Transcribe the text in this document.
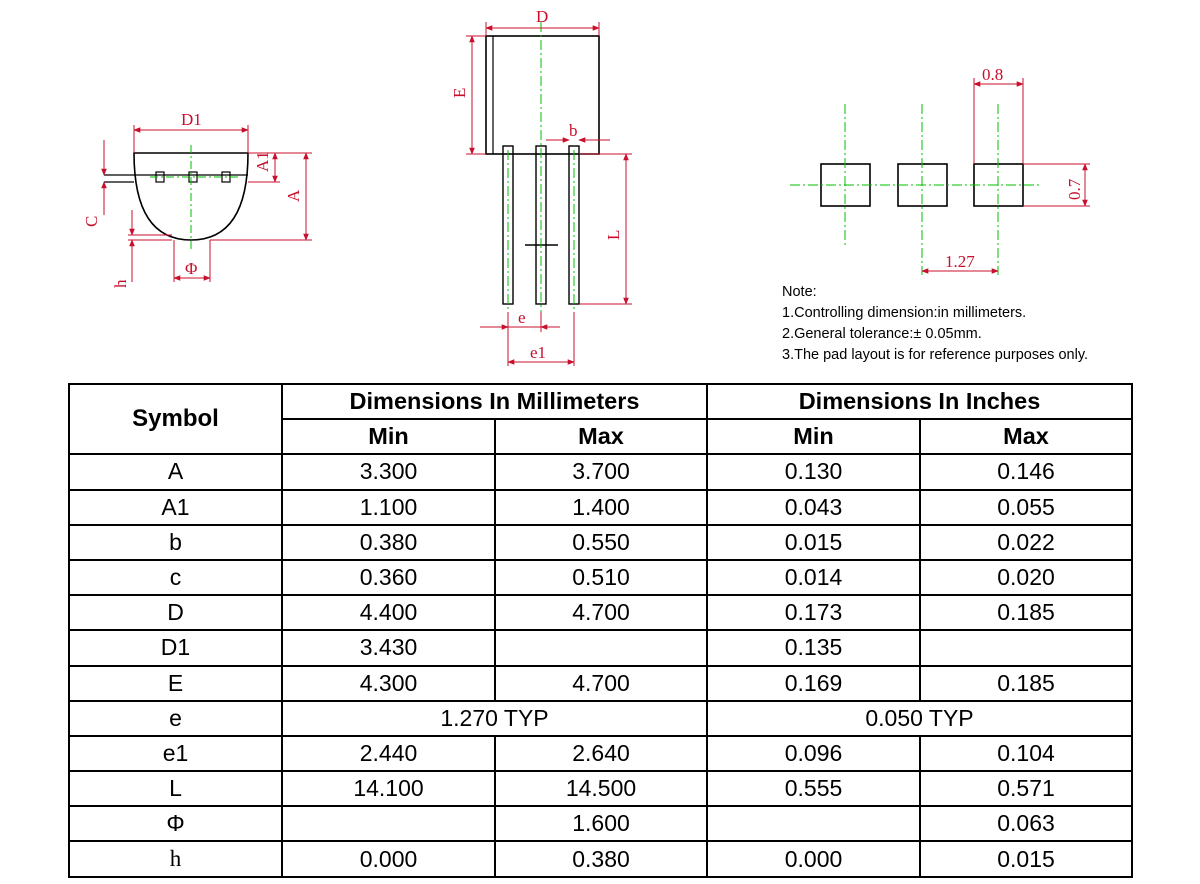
D1
A1
A
C
h
Φ
D
E
b
L
e
e1
0.8
0.7
1.27
Note:
1.Controlling dimension:in millimeters.
2.General tolerance:± 0.05mm.
3.The pad layout is for reference purposes only.
Symbol	Dimensions In Millimeters		Dimensions In Inches	
	Min	Max	Min	Max
A	3.300	3.700	0.130	0.146
A1	1.100	1.400	0.043	0.055
b	0.380	0.550	0.015	0.022
c	0.360	0.510	0.014	0.020
D	4.400	4.700	0.173	0.185
D1	3.430		0.135	
E	4.300	4.700	0.169	0.185
e	1.270 TYP		0.050 TYP	
e1	2.440	2.640	0.096	0.104
L	14.100	14.500	0.555	0.571
Φ		1.600		0.063
h	0.000	0.380	0.000	0.015
